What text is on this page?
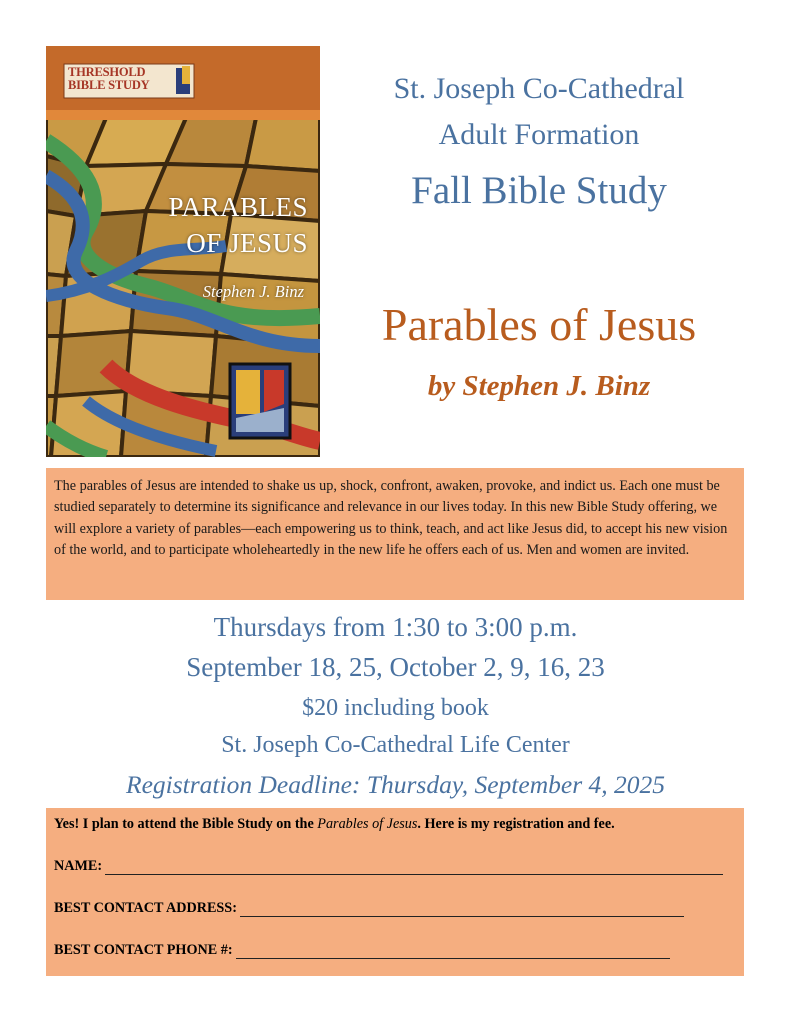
THRESHOLD
BIBLE STUDY
PARABLES
OF JESUS
Stephen J. Binz
St. Joseph Co-Cathedral
Adult Formation
Fall Bible Study
Parables of Jesus
by Stephen J. Binz
The parables of Jesus are intended to shake us up, shock, confront, awaken, provoke, and indict us. Each one must be studied separately to determine its significance and relevance in our lives today. In this new Bible Study offering, we will explore a variety of parables—each empowering us to think, teach, and act like Jesus did, to accept his new vision of the world, and to participate wholeheartedly in the new life he offers each of us. Men and women are invited.

Thursdays from 1:30 to 3:00 p.m.

September 18, 25, October 2, 9, 16, 23

$20 including book

St. Joseph Co-Cathedral Life Center

Registration Deadline: Thursday, September 4, 2025

Yes! I plan to attend the Bible Study on the Parables of Jesus. Here is my registration and fee.

NAME:
BEST CONTACT ADDRESS:
BEST CONTACT PHONE #:
